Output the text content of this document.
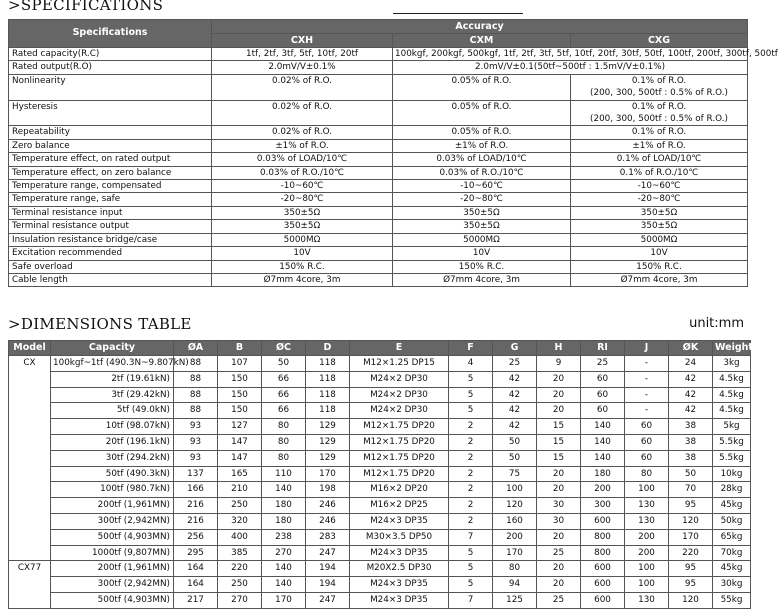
>SPECIFICATIONS
Specifications	Accuracy		
	CXH	CXM	CXG
Rated capacity(R.C)	1tf, 2tf, 3tf, 5tf, 10tf, 20tf	100kgf, 200kgf, 500kgf, 1tf, 2tf, 3tf, 5tf, 10tf, 20tf, 30tf, 50tf, 100tf, 200tf, 300tf, 500tf	
Rated output(R.O)	2.0mV/V±0.1%	2.0mV/V±0.1(50tf~500tf : 1.5mV/V±0.1%)	
Nonlinearity	0.02% of R.O.	0.05% of R.O.	0.1% of R.O.
(200, 300, 500tf : 0.5% of R.O.)

Hysteresis	0.02% of R.O.	0.05% of R.O.	0.1% of R.O.
(200, 300, 500tf : 0.5% of R.O.)

Repeatability	0.02% of R.O.	0.05% of R.O.	0.1% of R.O.

Zero balance	±1% of R.O.	±1% of R.O.	±1% of R.O.

Temperature effect, on rated output	0.03% of LOAD/10℃	0.03% of LOAD/10℃	0.1% of LOAD/10℃

Temperature effect, on zero balance	0.03% of R.O./10℃	0.03% of R.O./10℃	0.1% of R.O./10℃

Temperature range, compensated	-10~60℃	-10~60℃	-10~60℃

Temperature range, safe	-20~80℃	-20~80℃	-20~80℃

Terminal resistance input	350±5Ω	350±5Ω	350±5Ω

Terminal resistance output	350±5Ω	350±5Ω	350±5Ω

Insulation resistance bridge/case	5000MΩ	5000MΩ	5000MΩ

Excitation recommended	10V	10V	10V

Safe overload	150% R.C.	150% R.C.	150% R.C.

Cable length	Ø7mm 4core, 3m	Ø7mm 4core, 3m	Ø7mm 4core, 3m
>DIMENSIONS TABLE	unit:mm
Model	Capacity	ØA	B	ØC	D	E	F	G	H	RI	J	ØK	Weight
CX	100kgf~1tf (490.3N~9.807kN)	88	107	50	118	M12×1.25 DP15	4	25	9	25	-	24	3kg
	2tf (19.61kN)	88	150	66	118	M24×2 DP30	5	42	20	60	-	42	4.5kg
	3tf (29.42kN)	88	150	66	118	M24×2 DP30	5	42	20	60	-	42	4.5kg
	5tf (49.0kN)	88	150	66	118	M24×2 DP30	5	42	20	60	-	42	4.5kg
	10tf (98.07kN)	93	127	80	129	M12×1.75 DP20	2	42	15	140	60	38	5kg
	20tf (196.1kN)	93	147	80	129	M12×1.75 DP20	2	50	15	140	60	38	5.5kg
	30tf (294.2kN)	93	147	80	129	M12×1.75 DP20	2	50	15	140	60	38	5.5kg
	50tf (490.3kN)	137	165	110	170	M12×1.75 DP20	2	75	20	180	80	50	10kg
	100tf (980.7kN)	166	210	140	198	M16×2 DP20	2	100	20	200	100	70	28kg
	200tf (1,961MN)	216	250	180	246	M16×2 DP25	2	120	30	300	130	95	45kg
	300tf (2,942MN)	216	320	180	246	M24×3 DP35	2	160	30	600	130	120	50kg
	500tf (4,903MN)	256	400	238	283	M30×3.5 DP50	7	200	20	800	200	170	65kg
	1000tf (9,807MN)	295	385	270	247	M24×3 DP35	5	170	25	800	200	220	70kg
CX77	200tf (1,961MN)	164	220	140	194	M20X2.5 DP30	5	80	20	600	100	95	45kg
	300tf (2,942MN)	164	250	140	194	M24×3 DP35	5	94	20	600	100	95	30kg
	500tf (4,903MN)	217	270	170	247	M24×3 DP35	7	125	25	600	130	120	55kg
